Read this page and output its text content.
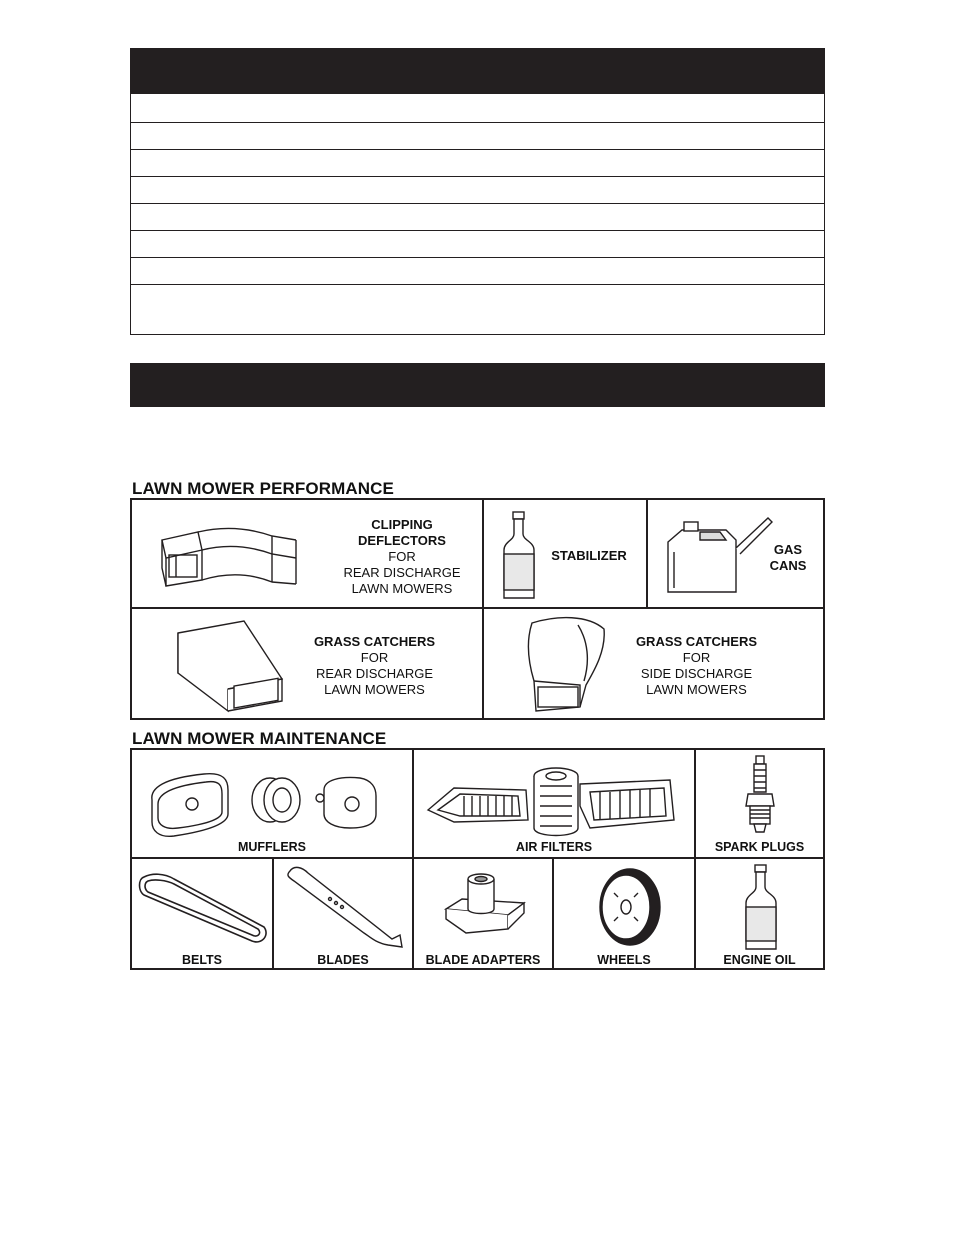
LAWN MOWER PERFORMANCE
CLIPPING
DEFLECTORS
FOR
REAR DISCHARGE
LAWN MOWERS
STABILIZER	GAS
CANS
GRASS CATCHERS
FOR
REAR DISCHARGE
LAWN MOWERS
GRASS CATCHERS
FOR
SIDE DISCHARGE
LAWN MOWERS
LAWN MOWER MAINTENANCE
MUFFLERS	AIR FILTERS	SPARK PLUGS
BELTS	BLADES	BLADE ADAPTERS	WHEELS	ENGINE OIL
